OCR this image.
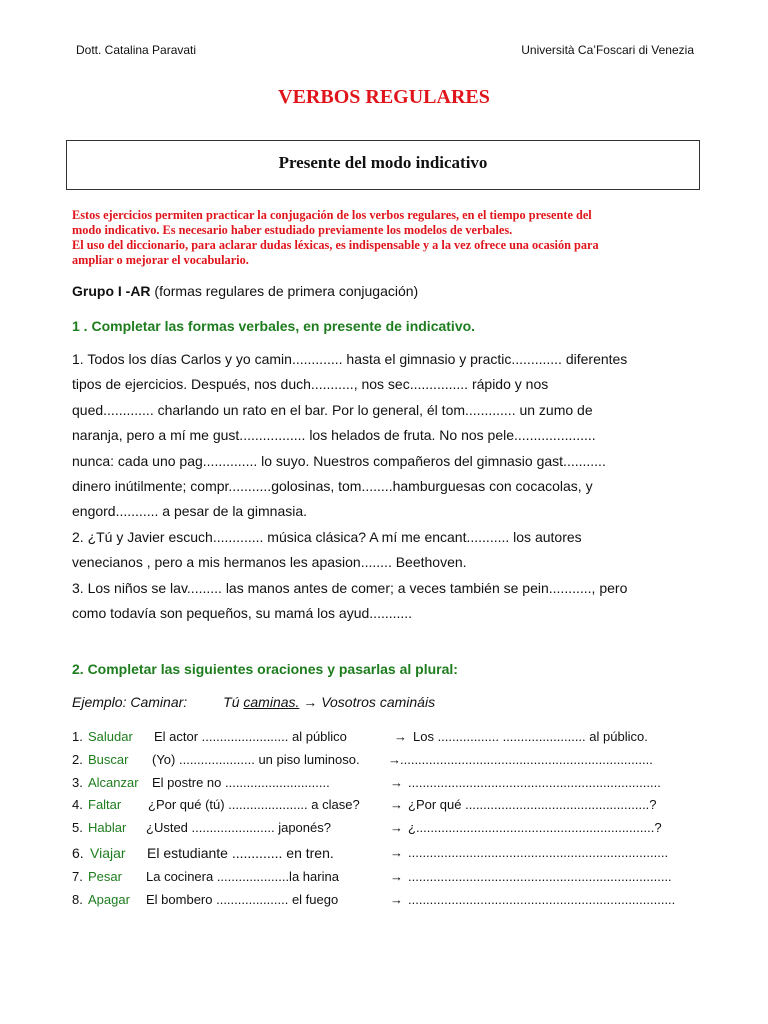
Dott. Catalina Paravati	Università Ca’Foscari di Venezia
VERBOS REGULARES
Presente del modo indicativo
Estos ejercicios permiten practicar la conjugación de los verbos regulares, en el tiempo presente del
modo indicativo. Es necesario haber estudiado previamente los modelos de verbales.
El uso del diccionario, para aclarar dudas léxicas, es indispensable y a la vez ofrece una ocasión para
ampliar o mejorar el vocabulario.
Grupo I -AR (formas regulares de primera conjugación)
1 . Completar las formas verbales, en presente de indicativo.
1. Todos los días Carlos y yo camin............. hasta el gimnasio y practic............. diferentes
tipos de ejercicios. Después, nos duch..........., nos sec............... rápido y nos
qued............. charlando un rato en el bar. Por lo general, él tom............. un zumo de
naranja, pero a mí me gust................. los helados de fruta. No nos pele.....................
nunca: cada uno pag.............. lo suyo. Nuestros compañeros del gimnasio gast...........
dinero inútilmente; compr...........golosinas, tom........hamburguesas con cocacolas, y
engord........... a pesar de la gimnasia.
2. ¿Tú y Javier escuch............. música clásica? A mí me encant........... los autores
venecianos , pero a mis hermanos les apasion........ Beethoven.
3. Los niños se lav......... las manos antes de comer; a veces también se pein..........., pero
como todavía son pequeños, su mamá los ayud...........
2. Completar las siguientes oraciones y pasarlas al plural:
Ejemplo: Caminar:	Tú caminas. → Vosotros camináis
1. Saludar El actor ........................ al público	→ Los ................. ....................... al público.
2. Buscar (Yo) ..................... un piso luminoso. → ......................................................................
3. Alcanzar El postre no .............................	→ ......................................................................
4. Faltar ¿Por qué (tú) ...................... a clase? → ¿Por qué ...................................................?
5. Hablar ¿Usted ....................... japonés?	→ ¿..................................................................?
6. Viajar El estudiante ............. en tren.	→ ........................................................................
7. Pesar La cocinera ....................la harina	→ .........................................................................
8. Apagar El bombero .................... el fuego	→ ..........................................................................
